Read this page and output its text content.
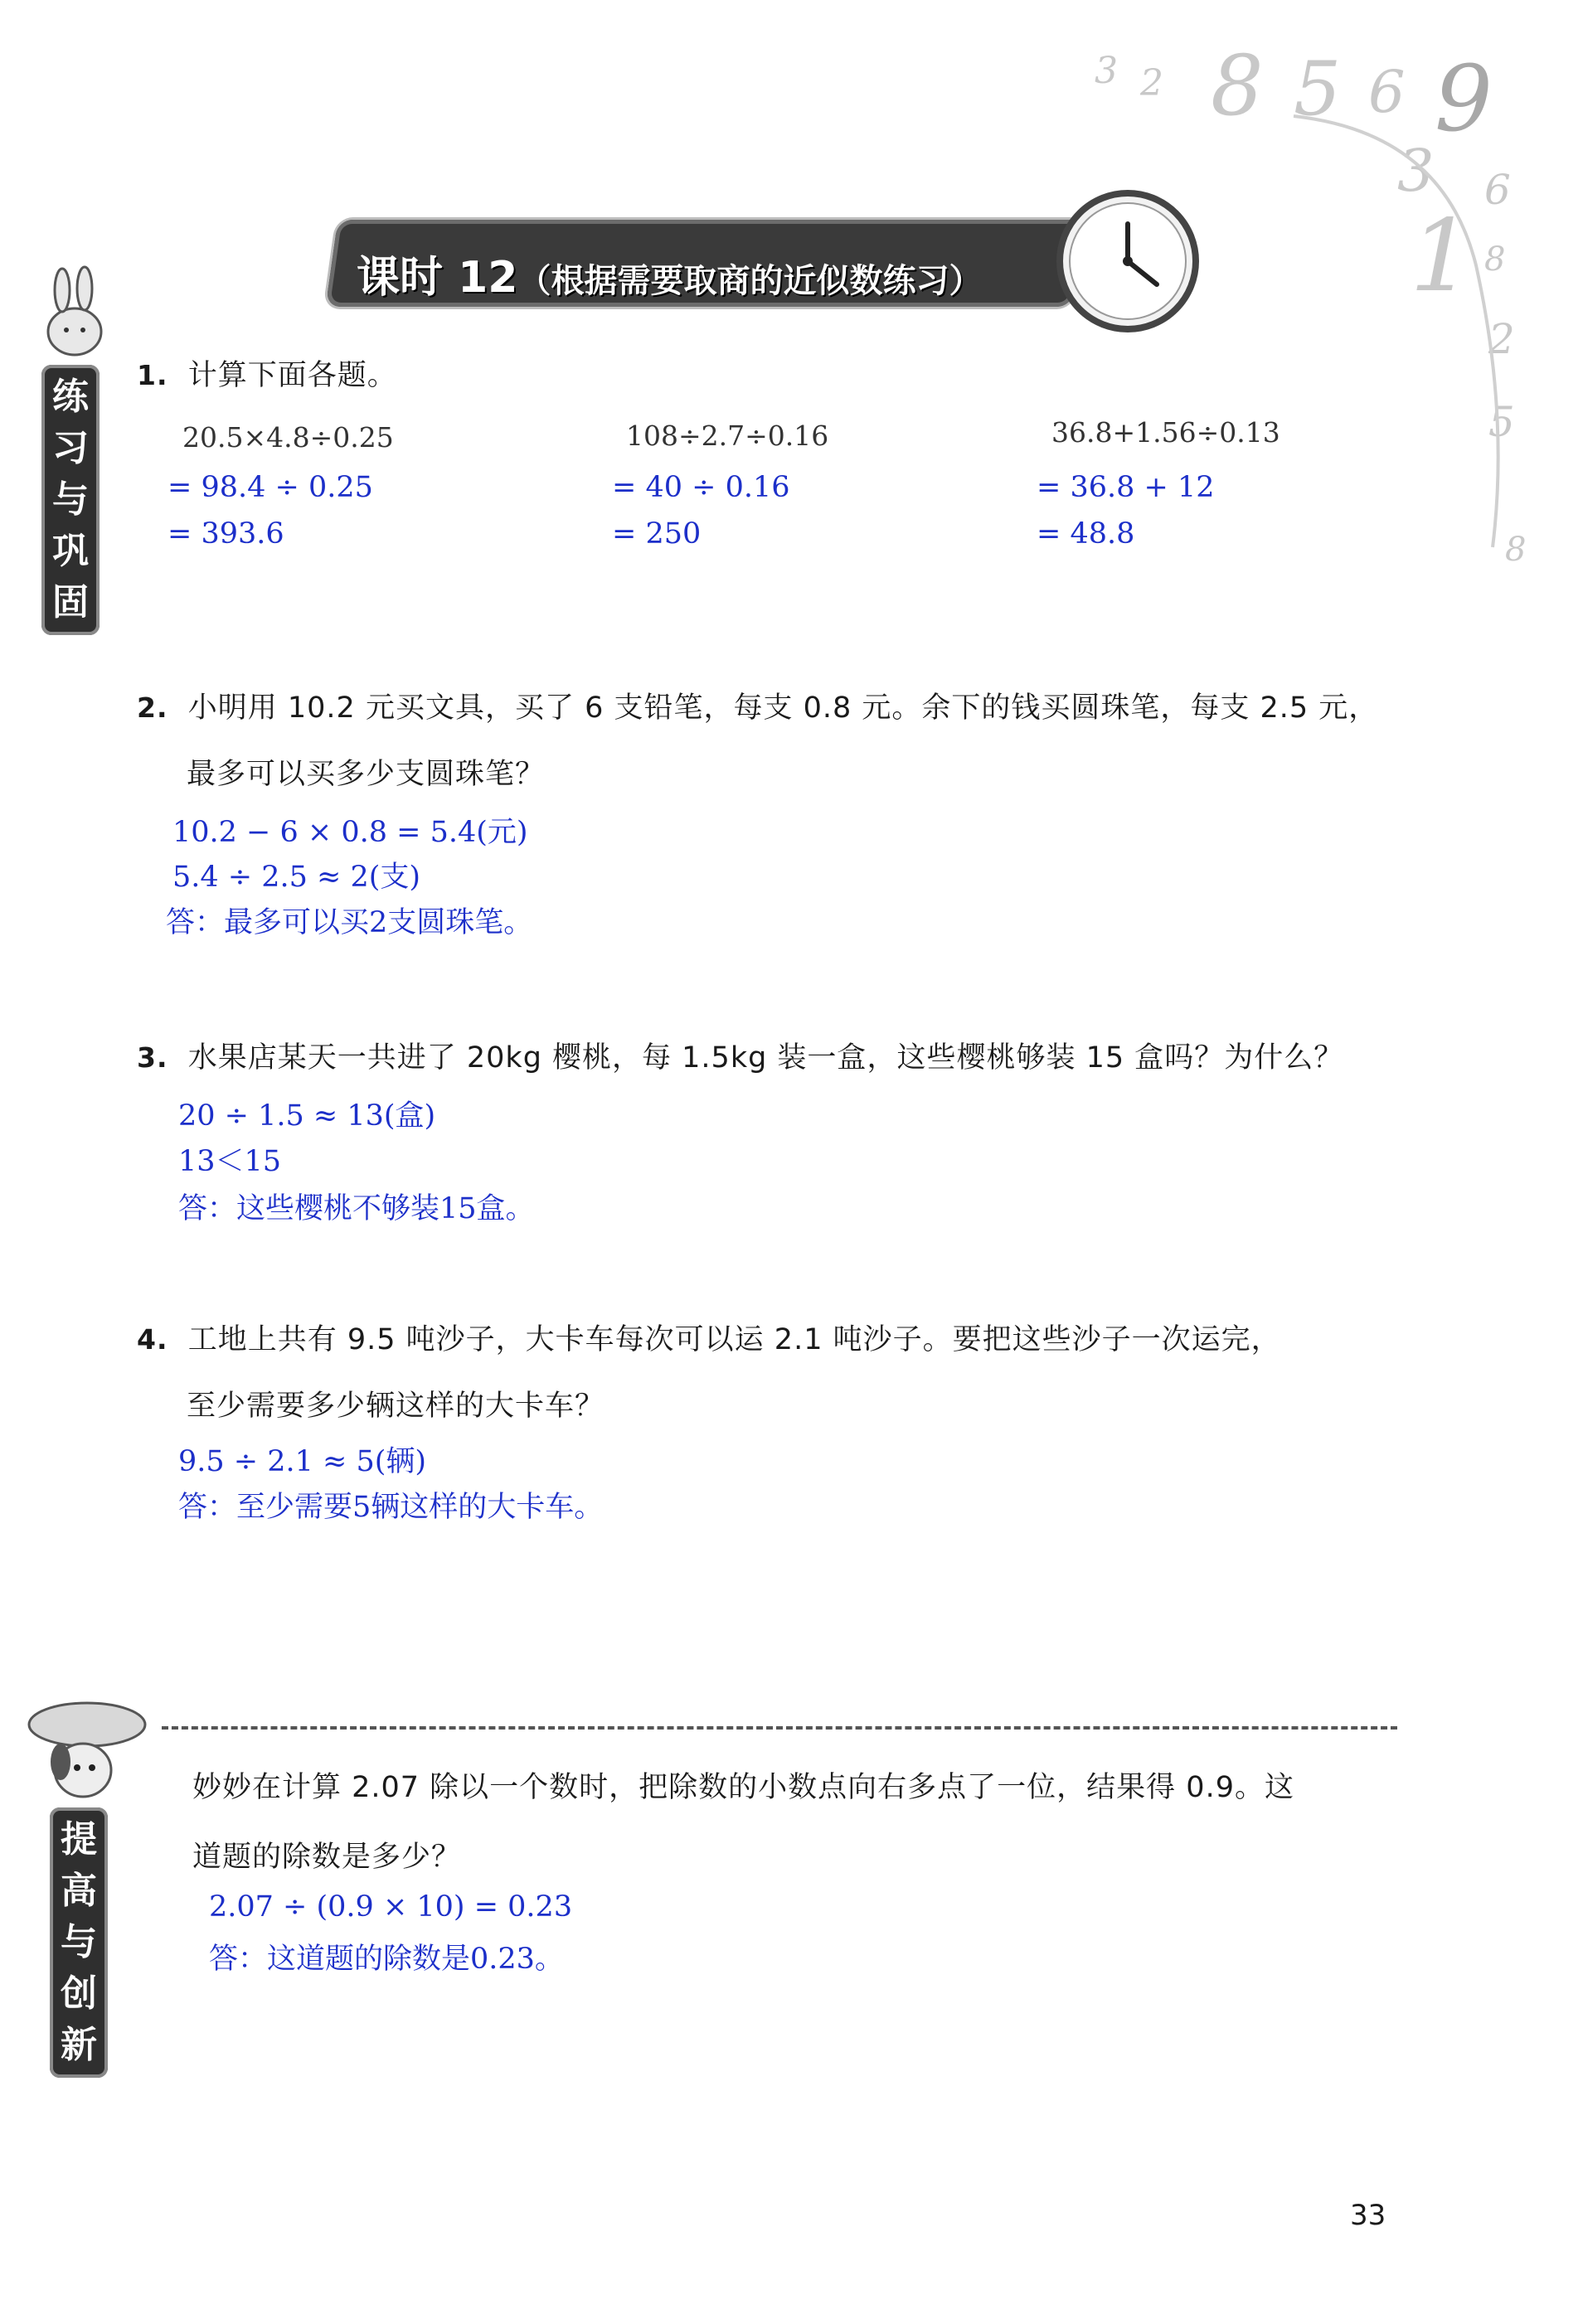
3 2 8 5 6 9
3 6
1 8
2
5
8
课时 12（根据需要取商的近似数练习）
练
习
与
巩
固
1. 计算下面各题。
20.5×4.8÷0.25
= 98.4 ÷ 0.25
= 393.6
108÷2.7÷0.16
= 40 ÷ 0.16
= 250
36.8+1.56÷0.13
= 36.8 + 12
= 48.8
2. 小明用 10.2 元买文具，买了 6 支铅笔，每支 0.8 元。余下的钱买圆珠笔，每支 2.5 元，
最多可以买多少支圆珠笔？
10.2 − 6 × 0.8 = 5.4(元)
5.4 ÷ 2.5 ≈ 2(支)
答：最多可以买2支圆珠笔。
3. 水果店某天一共进了 20kg 樱桃，每 1.5kg 装一盒，这些樱桃够装 15 盒吗？为什么？
20 ÷ 1.5 ≈ 13(盒)
13＜15
答：这些樱桃不够装15盒。
4. 工地上共有 9.5 吨沙子，大卡车每次可以运 2.1 吨沙子。要把这些沙子一次运完，
至少需要多少辆这样的大卡车？
9.5 ÷ 2.1 ≈ 5(辆)
答：至少需要5辆这样的大卡车。
提
高
与
创
新
妙妙在计算 2.07 除以一个数时，把除数的小数点向右多点了一位，结果得 0.9。这
道题的除数是多少？
2.07 ÷ (0.9 × 10) = 0.23
答：这道题的除数是0.23。
33
